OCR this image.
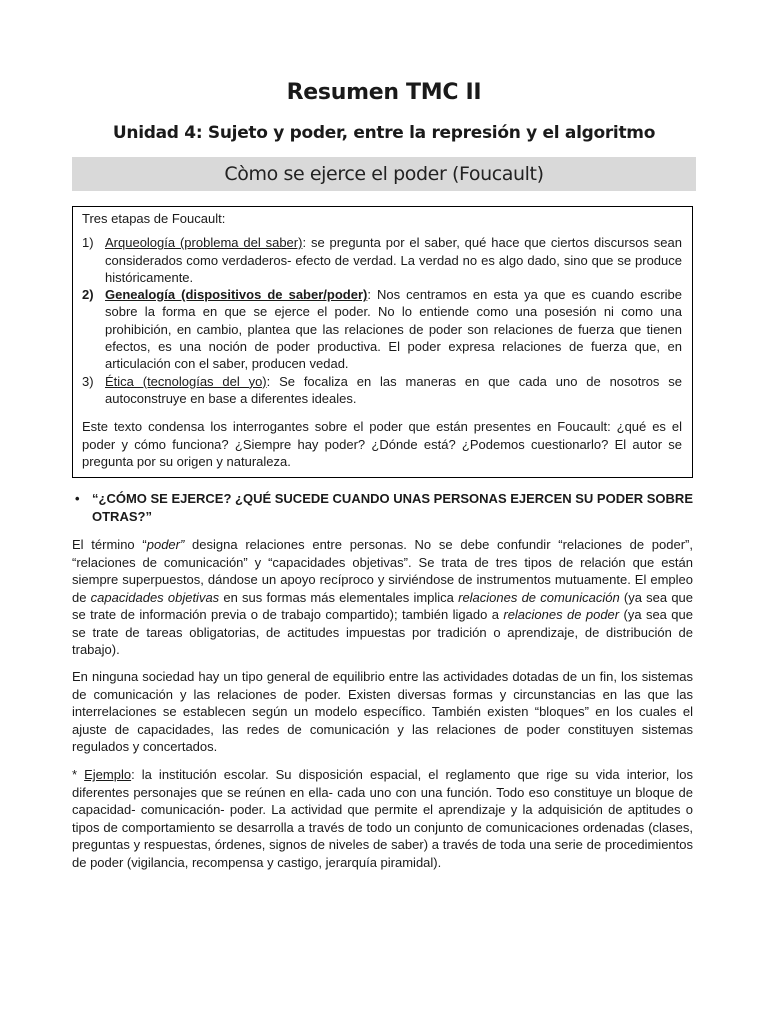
Resumen TMC II
Unidad 4: Sujeto y poder, entre la represión y el algoritmo
Còmo se ejerce el poder (Foucault)

Tres etapas de Foucault:

1) Arqueología (problema del saber): se pregunta por el saber, qué hace que ciertos discursos sean considerados como verdaderos- efecto de verdad. La verdad no es algo dado, sino que se produce históricamente.
2) Genealogía (dispositivos de saber/poder): Nos centramos en esta ya que es cuando escribe sobre la forma en que se ejerce el poder. No lo entiende como una posesión ni como una prohibición, en cambio, plantea que las relaciones de poder son relaciones de fuerza que tienen efectos, es una noción de poder productiva. El poder expresa relaciones de fuerza que, en articulación con el saber, producen vedad.
3) Ética (tecnologías del yo): Se focaliza en las maneras en que cada uno de nosotros se autoconstruye en base a diferentes ideales.

Este texto condensa los interrogantes sobre el poder que están presentes en Foucault: ¿qué es el poder y cómo funciona? ¿Siempre hay poder? ¿Dónde está? ¿Podemos cuestionarlo? El autor se pregunta por su origen y naturaleza.

• “¿CÓMO SE EJERCE? ¿QUÉ SUCEDE CUANDO UNAS PERSONAS EJERCEN SU PODER SOBRE OTRAS?”

El término “poder” designa relaciones entre personas. No se debe confundir “relaciones de poder”, “relaciones de comunicación” y “capacidades objetivas”. Se trata de tres tipos de relación que están siempre superpuestos, dándose un apoyo recíproco y sirviéndose de instrumentos mutuamente. El empleo de capacidades objetivas en sus formas más elementales implica relaciones de comunicación (ya sea que se trate de información previa o de trabajo compartido); también ligado a relaciones de poder (ya sea que se trate de tareas obligatorias, de actitudes impuestas por tradición o aprendizaje, de distribución de trabajo).

En ninguna sociedad hay un tipo general de equilibrio entre las actividades dotadas de un fin, los sistemas de comunicación y las relaciones de poder. Existen diversas formas y circunstancias en las que las interrelaciones se establecen según un modelo específico. También existen “bloques” en los cuales el ajuste de capacidades, las redes de comunicación y las relaciones de poder constituyen sistemas regulados y concertados.

* Ejemplo: la institución escolar. Su disposición espacial, el reglamento que rige su vida interior, los diferentes personajes que se reúnen en ella- cada uno con una función. Todo eso constituye un bloque de capacidad- comunicación- poder. La actividad que permite el aprendizaje y la adquisición de aptitudes o tipos de comportamiento se desarrolla a través de todo un conjunto de comunicaciones ordenadas (clases, preguntas y respuestas, órdenes, signos de niveles de saber) a través de toda una serie de procedimientos de poder (vigilancia, recompensa y castigo, jerarquía piramidal).
